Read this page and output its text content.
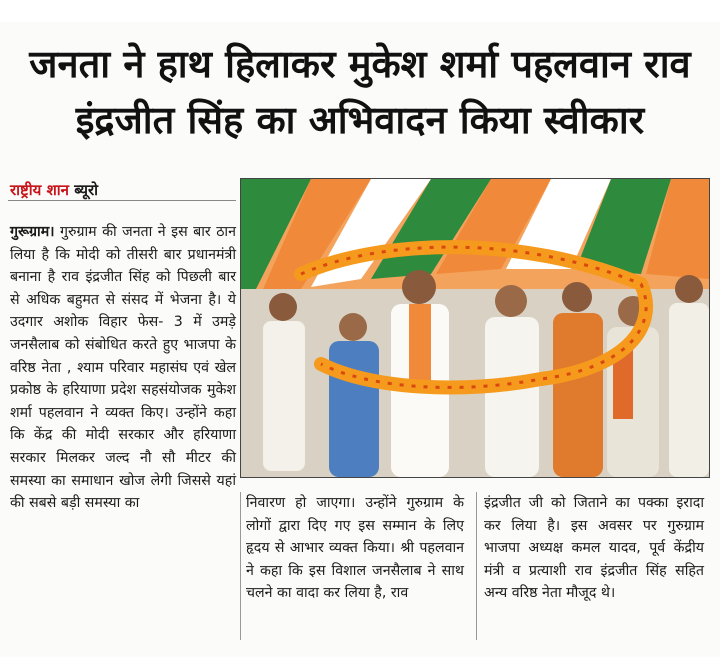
जनता ने हाथ हिलाकर मुकेश शर्मा पहलवान राव
इंद्रजीत सिंह का अभिवादन किया स्वीकार
राष्ट्रीय शान ब्यूरो
गुरूग्राम। गुरुग्राम की जनता ने इस बार ठान लिया है कि मोदी को तीसरी बार प्रधानमंत्री बनाना है राव इंद्रजीत सिंह को पिछली बार से अधिक बहुमत से संसद में भेजना है। ये उदगार अशोक विहार फेस- 3 में उमड़े जनसैलाब को संबोधित करते हुए भाजपा के वरिष्ठ नेता , श्याम परिवार महासंघ एवं खेल प्रकोष्ठ के हरियाणा प्रदेश सहसंयोजक मुकेश शर्मा पहलवान ने व्यक्त किए। उन्होंने कहा कि केंद्र की मोदी सरकार और हरियाणा सरकार मिलकर जल्द नौ सौ मीटर की समस्या का समाधान खोज लेगी जिससे यहां की सबसे बड़ी समस्या का	निवारण हो जाएगा। उन्होंने गुरुग्राम के लोगों द्वारा दिए गए इस सम्मान के लिए हृदय से आभार व्यक्त किया। श्री पहलवान ने कहा कि इस विशाल जनसैलाब ने साथ चलने का वादा कर लिया है, राव
इंद्रजीत जी को जिताने का पक्का इरादा कर लिया है। इस अवसर पर गुरुग्राम भाजपा अध्यक्ष कमल यादव, पूर्व केंद्रीय मंत्री व प्रत्याशी राव इंद्रजीत सिंह सहित अन्य वरिष्ठ नेता मौजूद थे।
